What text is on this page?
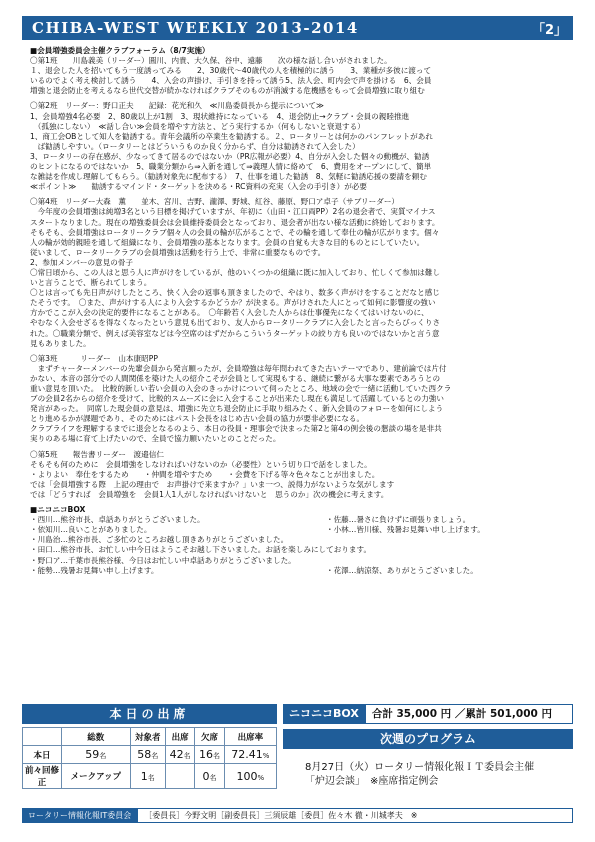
CHIBA-WEST WEEKLY 2013-2014	「2」

■会員増強委員会主催クラブフォーラム（8/7実施）

〇第1班　　川島義美（リーダー）圓川、内貴、大久保、谷中、遠藤　　次の様な話し合いがされました。

１、退会した人を招いてもう一度誘ってみる　　2、30歳代～40歳代の人を積極的に誘う　　3、業種が多彼に渡って

いるのでよく考え検討して誘う　　4、入会の声掛け、手引きを持って誘う5、法人会、町内会で声を掛ける　6、会員

増強と退会防止を考えるなら世代交替が続かなければクラブそのものが消滅する危機感をもって会員増強に取り組む

〇第2班　リーダー：野口正夫　　記録：花光和久　≪川島委員長から提示について≫

1、会員増強4名必要　2、80歳以上が1割　3、現状維持になっている　4、退会防止→クラブ・会員の親睦推進

　（孤独にしない）　≪話し合い≫会員を増やす方法と、どう実行するか（何もしないと衰退する）

1、商工会OBとして知人を勧誘する。青年会議所の卒業生を勧誘する。２、ロータリーとは何かのパンフレットがあれ

　ば勧誘しやすい。（ロータリーとはどういうものか良く分からず、自分は勧誘されて入会した）

3、ロータリーの存在感が、少なってきて居るのではないか（PR広報が必要）4、自分が入会した個々の動機が、勧誘

のヒントになるのではないか　5、職業分類から⇒入新を通して⇒義理人情に絡めて　6、費用をオープンにして、簡単

な雑誌を作成し理解してもらう。（勧誘対象先に配布する）　7、仕事を通した勧誘　8、気軽に勧誘応援の要請を頼む

≪ポイント≫　　勧誘するマインド・ターゲットを決める・RC資料の充実（入会の手引き）が必要

〇第4班　リーダー大森　薫　　並木、宮川、吉野、瀧澤、野城、紅谷、藤原、野口ア卓子（サブリーダー）

　今年度の会員増強は純増3名という目標を掲げていますが、年初に（山田・江口両PP）2名の退会者で、実質マイナス

スタートなりました。現在の増強委員会は会員維持委員会となっており、退会者が出ない様な活動に終始しております。

そもそも、会員増強はロータリークラブ個々人の会員の輪が広がることで、その輪を通して奉仕の輪が広がります。個々

人の輪が効的親睦を通して組織になり、会員増強の基本となります。会員の自覚も大きな目的ものとにしていたい。

従いまして、ロータリークラブの会員増強は活動を行う上で、非常に重要なものです。

2、参加メンバーの意見の骨子

〇常日頃から、この人はと思う人に声がけをしているが、他のいくつかの組織に既に加入しており、忙しくて参加は難し

いと言うことで、断られてしまう。

〇とは言っても先日声がけしたところ、快く入会の返事も頂きましたので、やはり、数多く声がけをすることだなと感じ

たそうです。　〇また、声がけする人により入会するかどうか？が決まる。声がけされた人にとって如何に影響度の強い

方かでここが入会の決定的要件になることがある。　〇年齢若く入会した人からは仕事優先になくてはいけないのに、

やむなく入会せざるを得なくなったという意見も出ており、友人からロータリークラブに入会したと言ったらびっくりさ

れた。〇職業分類で、例えば美容室などは今空席のはずだからこういうターゲットの絞り方も良いのではないかと言う意

見もありました。

〇第3班　　　リーダー　山本康昭PP

　まずチャーターメンバーの先輩会員から発言願ったが、会員増強は毎年問われてきた古いテーマであり、建前論では片付

かない、本音の部分での人間関係を築けた人の紹介こそが会員として実現もする、継続に繋がる大事な要素であろうとの

重い意見を頂いた。　比較的新しい若い会員の入会のきっかけについて伺ったところ、地域の会で一緒に活動していた西クラ

ブの会員2名からの紹介を受けて、比較的スムーズに会に入会することが出来たし現在も満足して活躍しているとの力強い

発言があった。　同席した現会員の意見は、増強に先立ち退会防止に手取り組みたく、新入会員のフォローを如何にしよう

とり進めるかが課題であり、そのためにはパスト会長をはじめ古い会員の協力が要非必要になる。

クラブライフを理解するまでに退会となるのよう、本日の役員・理事会で決まった第2と第4の例会後の懇談の場を是非共

実りのある場に育て上げたいので、全員で協力願いたいとのことだった。

〇第5班　　報告書リーダー　渡邉信仁

そもそも何のために　会員増強をしなければいけないのか（必要性）という切り口で話をしました。

・よりよい　奉仕をするため　　・仲間を増やすため　　・会費を下げる等々色々なことが出ました。

では「会員増強する際　上記の理由で　お声掛けで来ますか？」いま一つ、説得力がないような気がします

では「どうすれば　会員増強を　会員1人1人がしなければいけないと　思うのか」次の機会に考えます。

■ニコニコBOX

・西川…熊谷市長、卓話ありがとうございました。

・依知川…良いことがありました。

・川島治…熊谷市長、ご多忙のところお越し頂きありがとうございました。

・田口…熊谷市長、お忙しい中今日はようこそお越し下さいました。お話を楽しみにしております。

・野口ア…千葉市長熊谷様、今日はお忙しい中卓話ありがとうございました。

・能勢…残暑お見舞い申し上げます。

・佐藤…暑さに負けずに頑張りましょう。

・小林…皆川様、残暑お見舞い申し上げます。

・花澤…納涼祭、ありがとうございました。

本日の出席
	総数	対象者	出席	欠席	出席率
本日	59名	58名	42名	16名	72.41%
前々回修正	メークアップ	1名		0名	100%
ニコニコBOX	合計 35,000 円 ／累計 501,000 円
次週のプログラム
8月27日（火）ロータリー情報化報ＩＴ委員会主催
「炉辺会談」　※座席指定例会
ロータリー情報化報IT委員会	［委員長］今野文明［副委員長］三須辰雄［委員］佐々木 徹・川城孝夫　※
